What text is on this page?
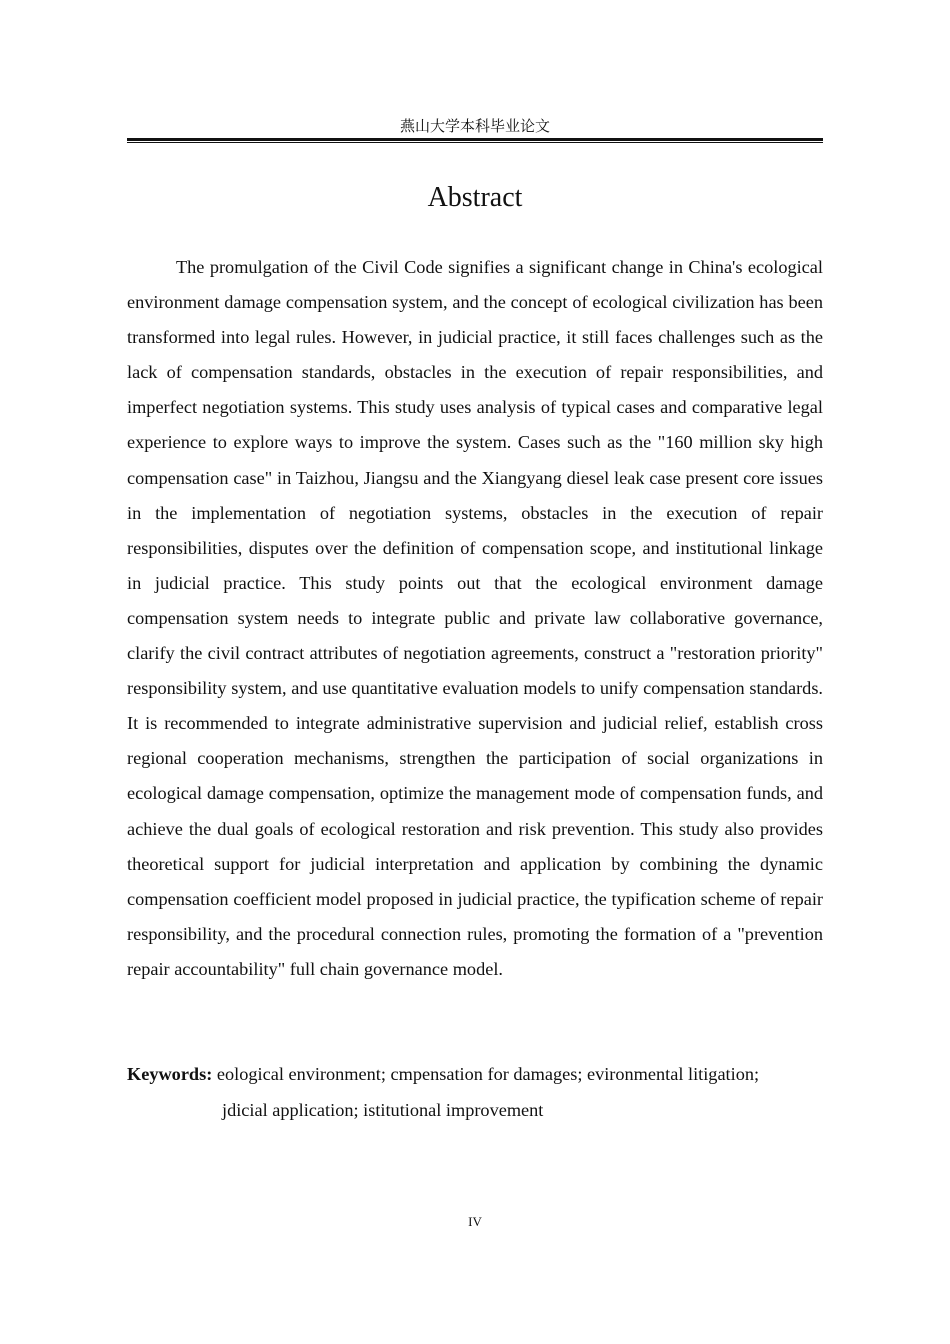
燕山大学本科毕业论文
Abstract

The promulgation of the Civil Code signifies a significant change in China's ecological environment damage compensation system, and the concept of ecological civilization has been transformed into legal rules. However, in judicial practice, it still faces challenges such as the lack of compensation standards, obstacles in the execution of repair responsibilities, and imperfect negotiation systems. This study uses analysis of typical cases and comparative legal experience to explore ways to improve the system. Cases such as the "160 million sky high compensation case" in Taizhou, Jiangsu and the Xiangyang diesel leak case present core issues in the implementation of negotiation systems, obstacles in the execution of repair responsibilities, disputes over the definition of compensation scope, and institutional linkage in judicial practice. This study points out that the ecological environment damage compensation system needs to integrate public and private law collaborative governance, clarify the civil contract attributes of negotiation agreements, construct a "restoration priority" responsibility system, and use quantitative evaluation models to unify compensation standards. It is recommended to integrate administrative supervision and judicial relief, establish cross regional cooperation mechanisms, strengthen the participation of social organizations in ecological damage compensation, optimize the management mode of compensation funds, and achieve the dual goals of ecological restoration and risk prevention. This study also provides theoretical support for judicial interpretation and application by combining the dynamic compensation coefficient model proposed in judicial practice, the typification scheme of repair responsibility, and the procedural connection rules, promoting the formation of a "prevention repair accountability" full chain governance model.

Keywords: eological environment; cmpensation for damages; evironmental litigation;
jdicial application; istitutional improvement
IV
